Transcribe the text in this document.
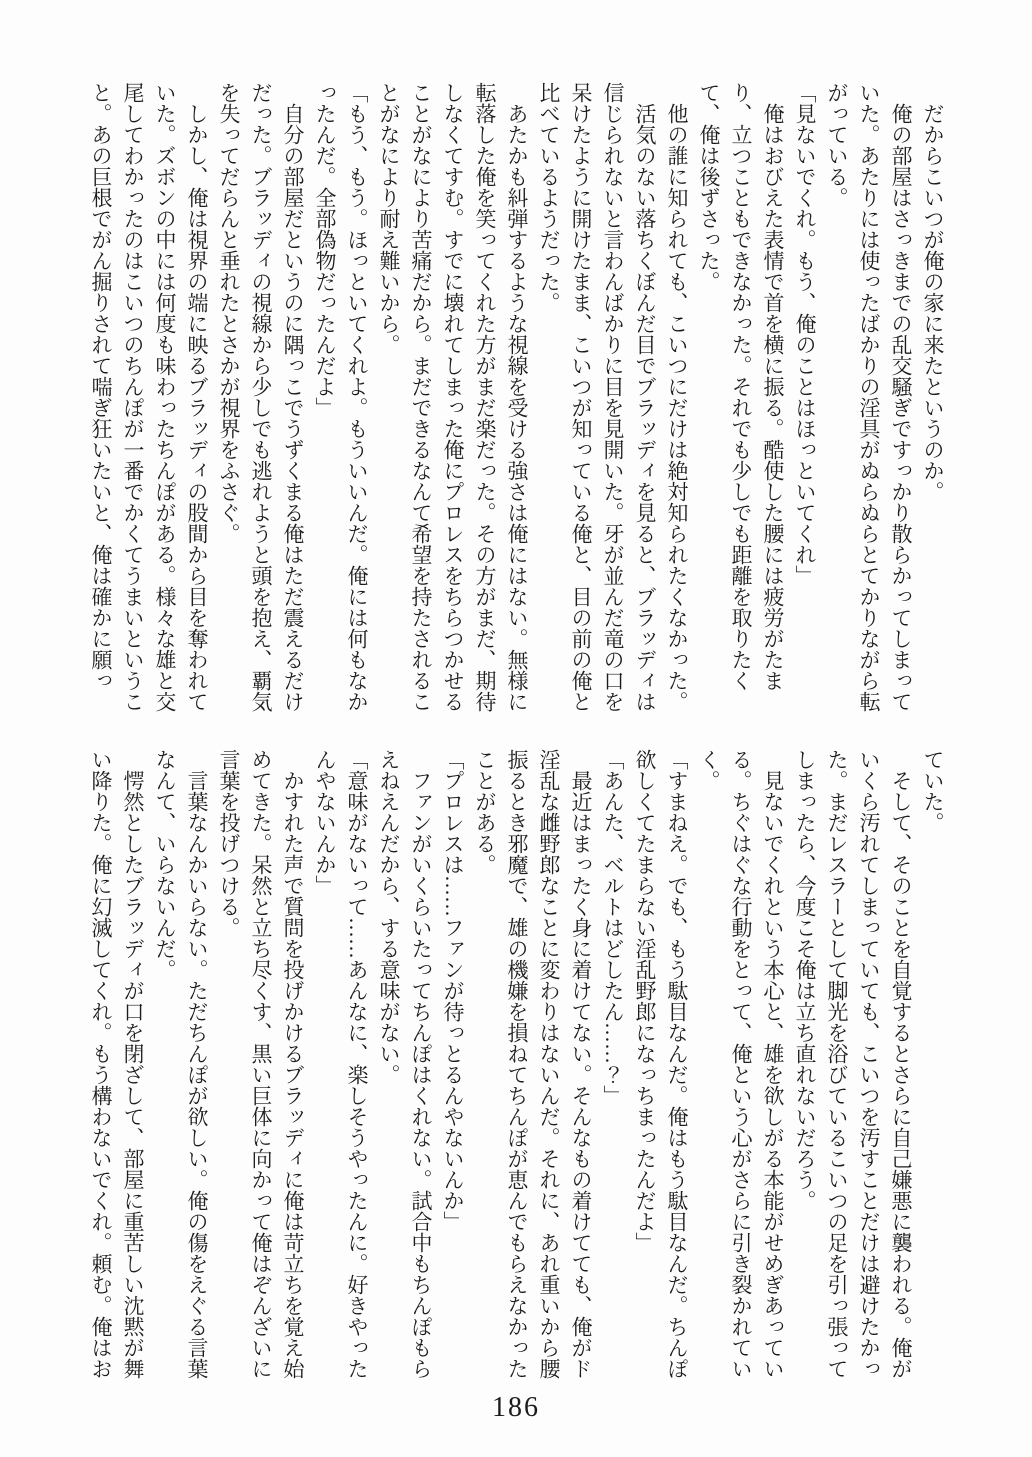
　だからこいつが俺の家に来たというのか。

　俺の部屋はさっきまでの乱交騒ぎですっかり散らかってしまっていた。あたりには使ったばかりの淫具がぬらぬらとてかりながら転がっている。

「見ないでくれ。もう、俺のことはほっといてくれ」

　俺はおびえた表情で首を横に振る。酷使した腰には疲労がたまり、立つこともできなかった。それでも少しでも距離を取りたくて、俺は後ずさった。

　他の誰に知られても、こいつにだけは絶対知られたくなかった。

　活気のない落ちくぼんだ目でブラッディを見ると、ブラッディは信じられないと言わんばかりに目を見開いた。牙が並んだ竜の口を呆けたように開けたまま、こいつが知っている俺と、目の前の俺と比べているようだった。

　あたかも糾弾するような視線を受ける強さは俺にはない。無様に転落した俺を笑ってくれた方がまだ楽だった。その方がまだ、期待しなくてすむ。すでに壊れてしまった俺にプロレスをちらつかせることがなにより苦痛だから。まだできるなんて希望を持たされることがなにより耐え難いから。

「もう、もう。ほっといてくれよ。もういいんだ。俺には何もなかったんだ。全部偽物だったんだよ」

　自分の部屋だというのに隅っこでうずくまる俺はただ震えるだけだった。ブラッディの視線から少しでも逃れようと頭を抱え、覇気を失ってだらんと垂れたとさかが視界をふさぐ。

　しかし、俺は視界の端に映るブラッディの股間から目を奪われていた。ズボンの中には何度も味わったちんぽがある。様々な雄と交尾してわかったのはこいつのちんぽが一番でかくてうまいということ。あの巨根でがん掘りされて喘ぎ狂いたいと、俺は確かに願っ

ていた。

　そして、そのことを自覚するとさらに自己嫌悪に襲われる。俺がいくら汚れてしまっていても、こいつを汚すことだけは避けたかった。まだレスラーとして脚光を浴びているこいつの足を引っ張ってしまったら、今度こそ俺は立ち直れないだろう。

　見ないでくれという本心と、雄を欲しがる本能がせめぎあっている。ちぐはぐな行動をとって、俺という心がさらに引き裂かれていく。

「すまねえ。でも、もう駄目なんだ。俺はもう駄目なんだ。ちんぽ欲しくてたまらない淫乱野郎になっちまったんだよ」

「あんた、ベルトはどしたん……？」

　最近はまったく身に着けてない。そんなもの着けてても、俺がド淫乱な雌野郎なことに変わりはないんだ。それに、あれ重いから腰振るとき邪魔で、雄の機嫌を損ねてちんぽが恵んでもらえなかったことがある。

「プロレスは……ファンが待っとるんやないんか」

　ファンがいくらいたってちんぽはくれない。試合中もちんぽもらえねえんだから、する意味がない。

「意味がないって……あんなに、楽しそうやったんに。好きやったんやないんか」

　かすれた声で質問を投げかけるブラッディに俺は苛立ちを覚え始めてきた。呆然と立ち尽くす、黒い巨体に向かって俺はぞんざいに言葉を投げつける。

　言葉なんかいらない。ただちんぽが欲しい。俺の傷をえぐる言葉なんて、いらないんだ。

　愕然としたブラッディが口を閉ざして、部屋に重苦しい沈黙が舞い降りた。俺に幻滅してくれ。もう構わないでくれ。頼む。俺はお

186
